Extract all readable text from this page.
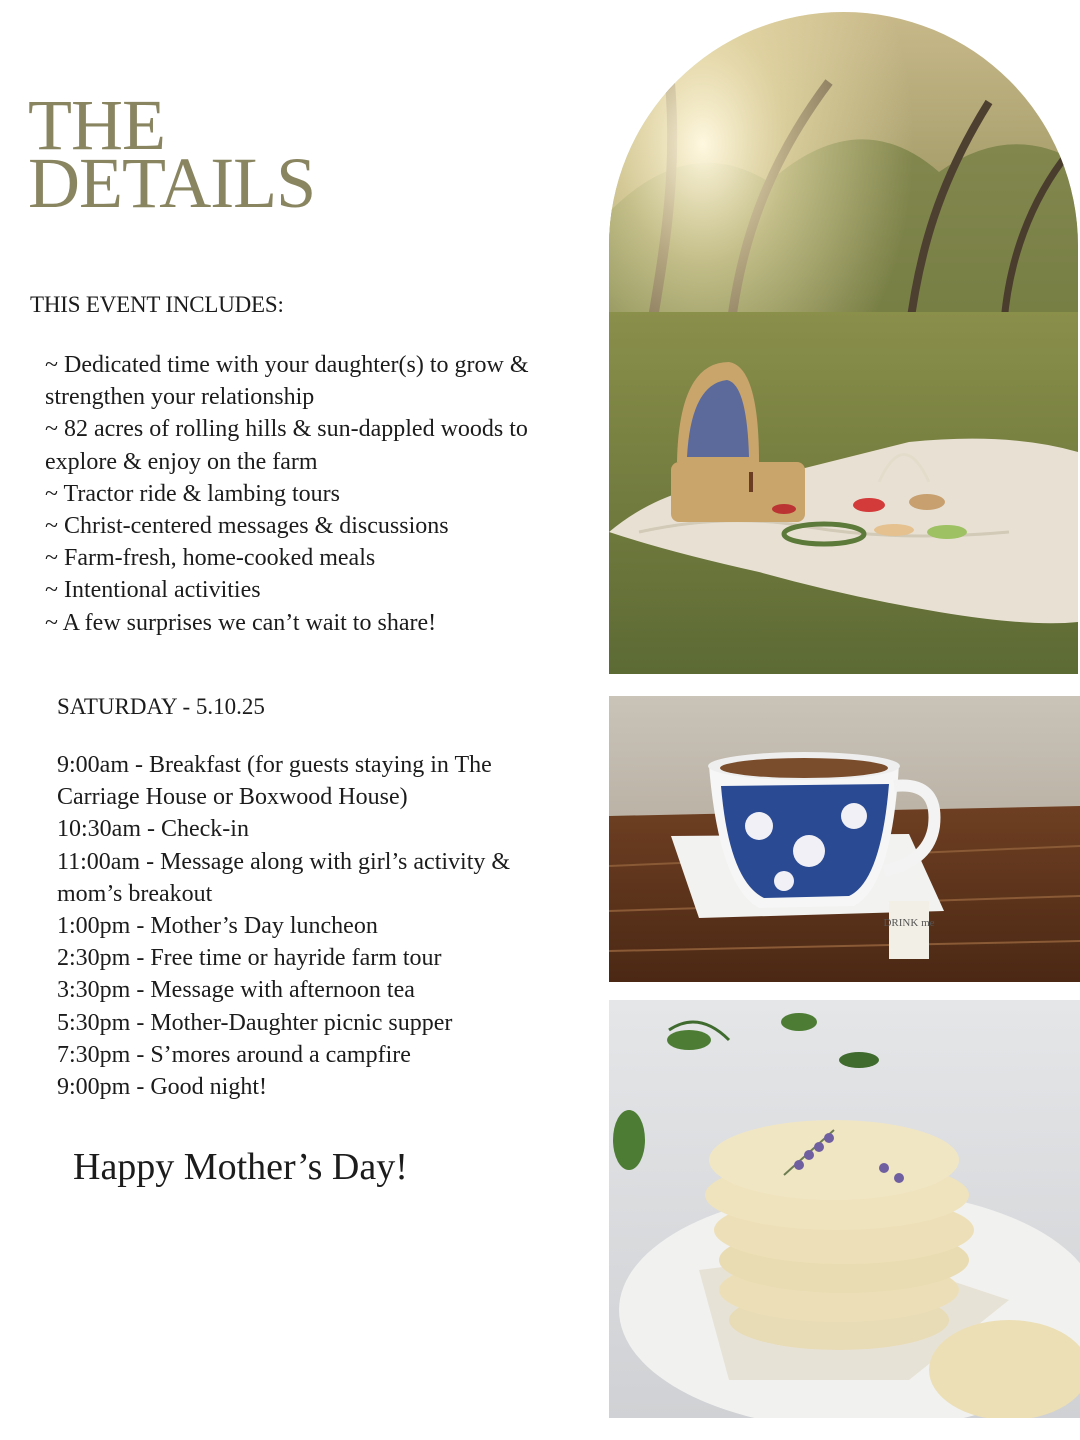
THE
DETAILS
THIS EVENT INCLUDES:
~ Dedicated time with your daughter(s) to grow & strengthen your relationship
~ 82 acres of rolling hills & sun-dappled woods to explore & enjoy on the farm
~ Tractor ride & lambing tours
~ Christ-centered messages & discussions
~ Farm-fresh, home-cooked meals
~ Intentional activities
~ A few surprises we can’t wait to share!
SATURDAY - 5.10.25
9:00am - Breakfast (for guests staying in The Carriage House or Boxwood House)
10:30am - Check-in
11:00am - Message along with girl’s activity & mom’s breakout
1:00pm - Mother’s Day luncheon
2:30pm - Free time or hayride farm tour
3:30pm - Message with afternoon tea
5:30pm - Mother-Daughter picnic supper
7:30pm - S’mores around a campfire
9:00pm - Good night!

Happy Mother’s Day!

DRINK me
